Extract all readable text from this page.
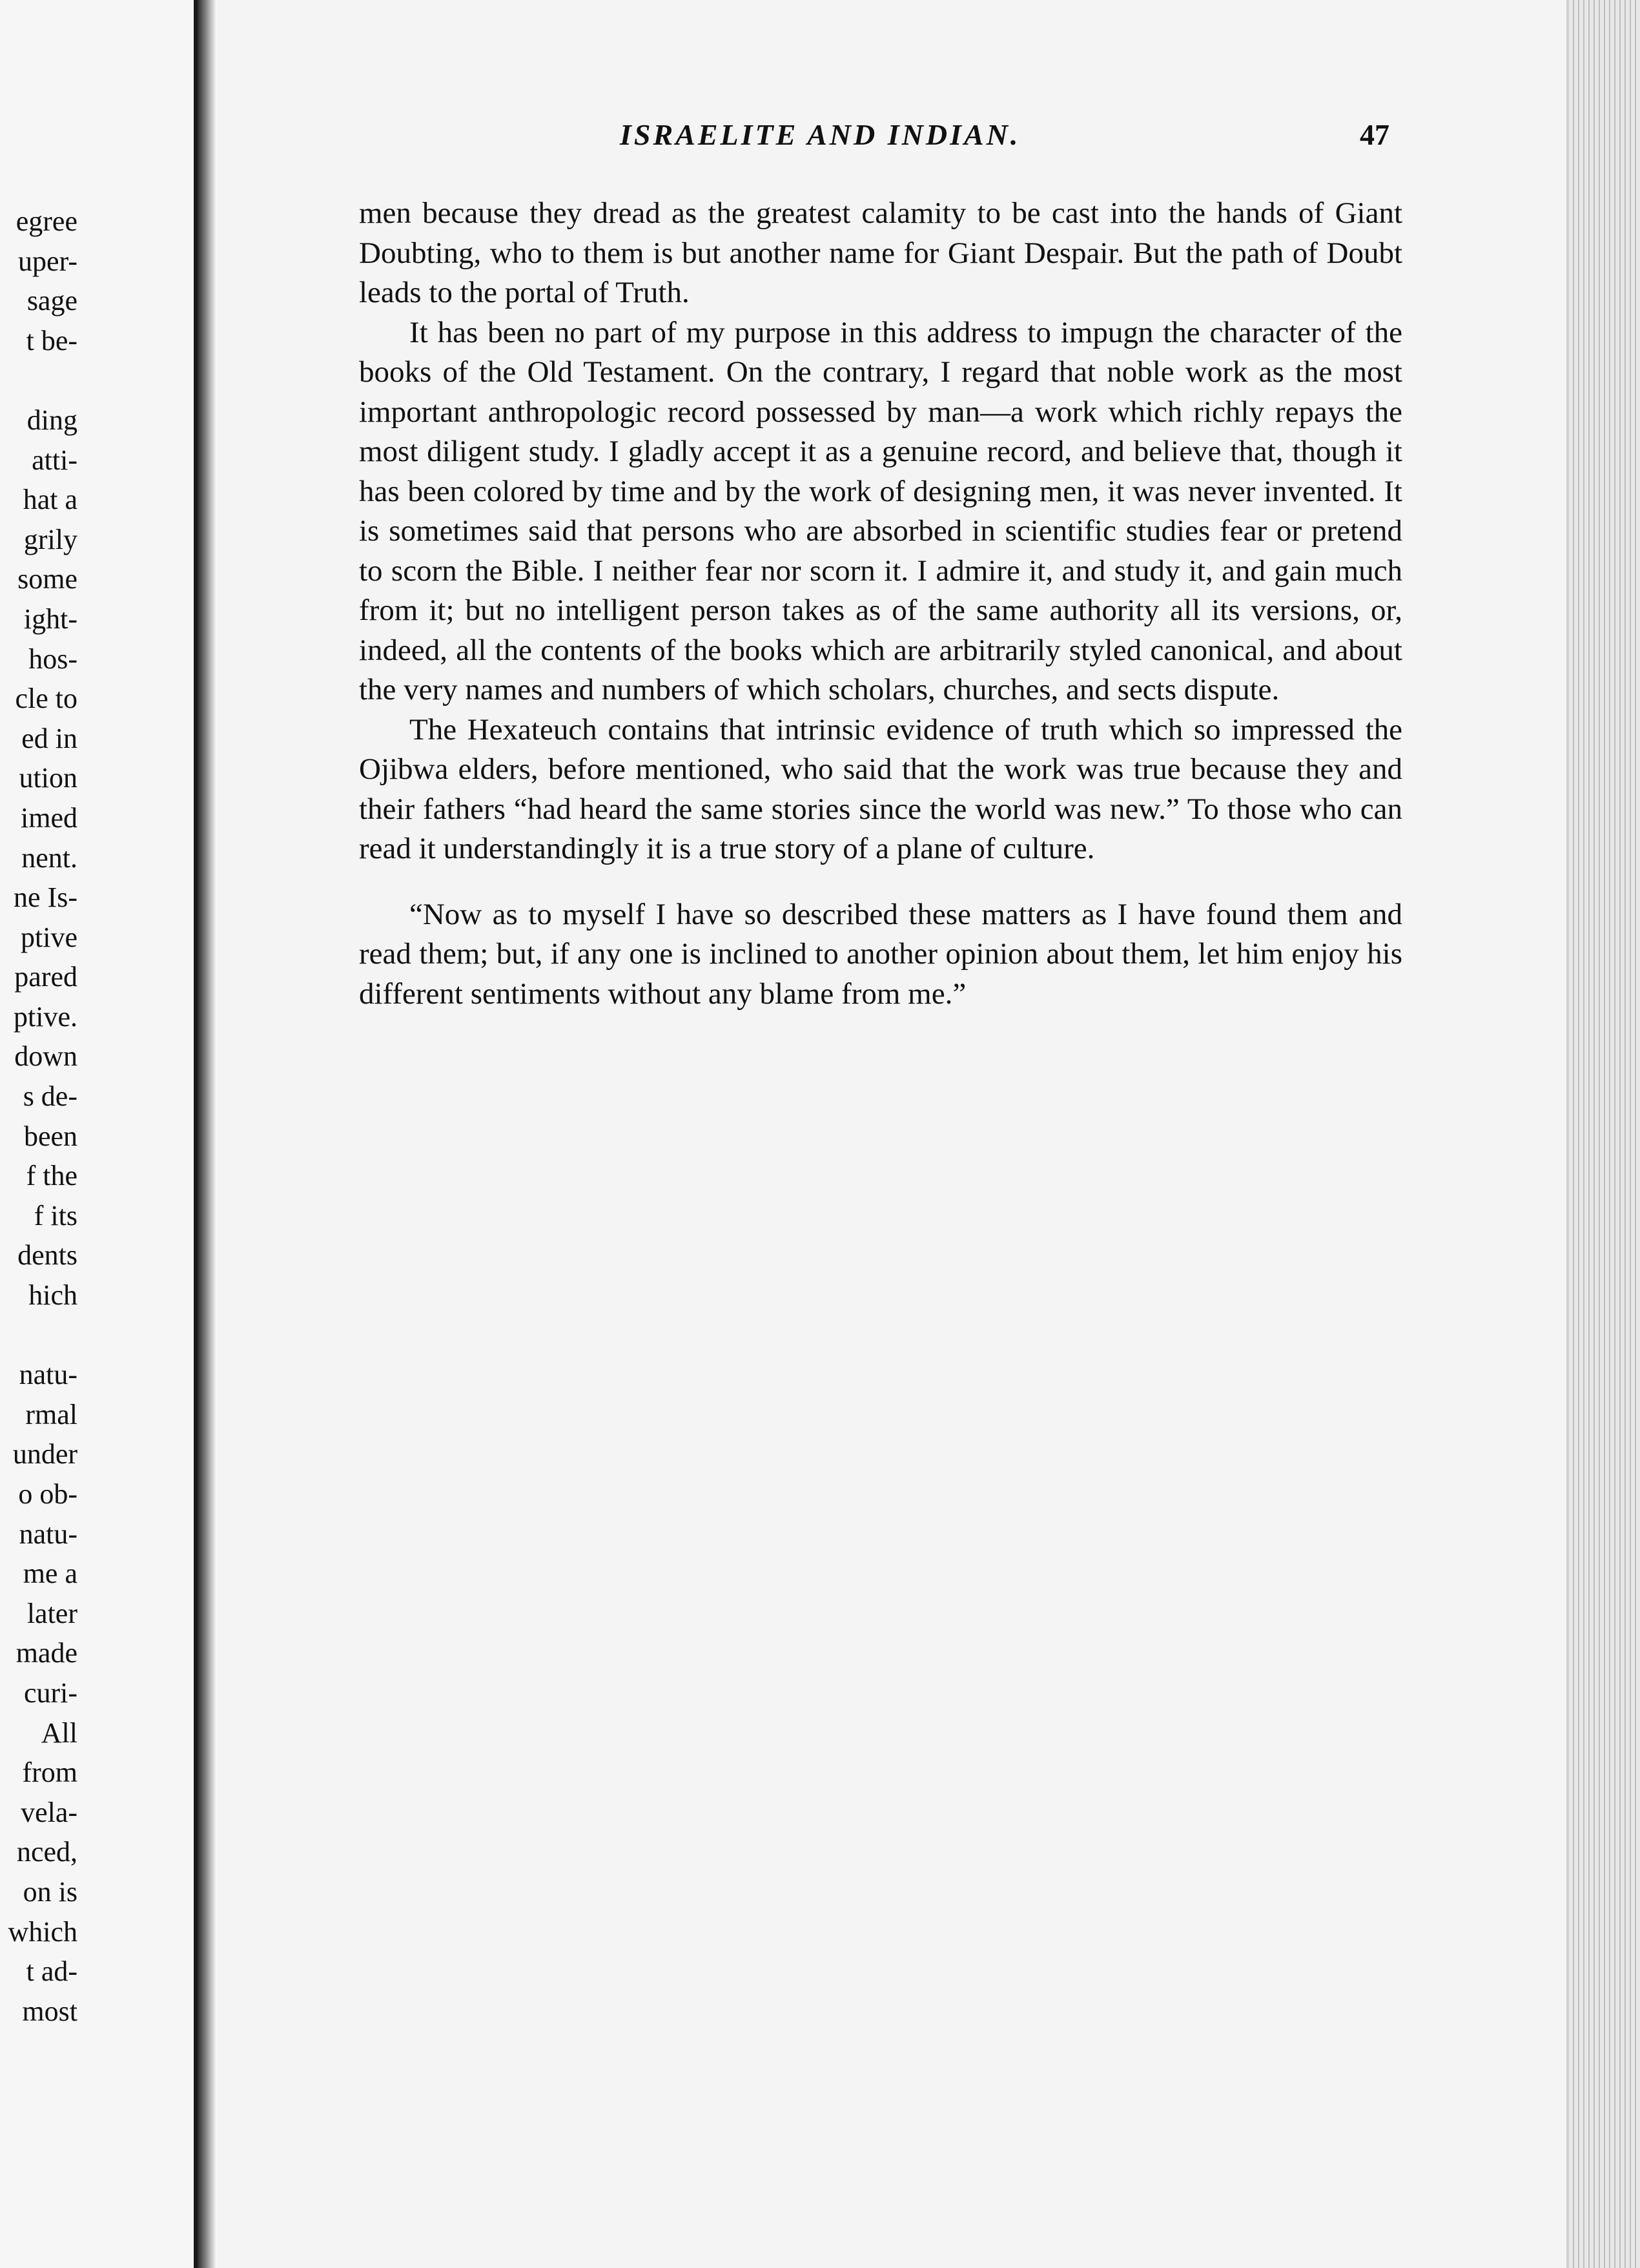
egree
uper-
sage
t be-
ding
atti-
hat a
grily
some
ight-
hos-
cle to
ed in
ution
imed
nent.
ne Is-
ptive
pared
ptive.
down
s de-
been
f the
f its
dents
hich
natu-
rmal
under
o ob-
natu-
me a
later
made
curi-
All
from
vela-
nced,
on is
which
t ad-
most
ISRAELITE AND INDIAN.	47

men because they dread as the greatest calamity to be cast into the hands of Giant Doubting, who to them is but another name for Giant Despair. But the path of Doubt leads to the portal of Truth.

It has been no part of my purpose in this address to impugn the character of the books of the Old Testament. On the contrary, I regard that noble work as the most important anthropologic record possessed by man—a work which richly repays the most diligent study. I gladly accept it as a genuine record, and believe that, though it has been colored by time and by the work of designing men, it was never invented. It is sometimes said that persons who are absorbed in scientific studies fear or pretend to scorn the Bible. I neither fear nor scorn it. I admire it, and study it, and gain much from it; but no intelligent person takes as of the same authority all its versions, or, indeed, all the contents of the books which are arbitrarily styled canonical, and about the very names and numbers of which scholars, churches, and sects dispute.

The Hexateuch contains that intrinsic evidence of truth which so impressed the Ojibwa elders, before mentioned, who said that the work was true because they and their fathers “had heard the same stories since the world was new.” To those who can read it understandingly it is a true story of a plane of culture.

“Now as to myself I have so described these matters as I have found them and read them; but, if any one is inclined to another opinion about them, let him enjoy his different sentiments without any blame from me.”
